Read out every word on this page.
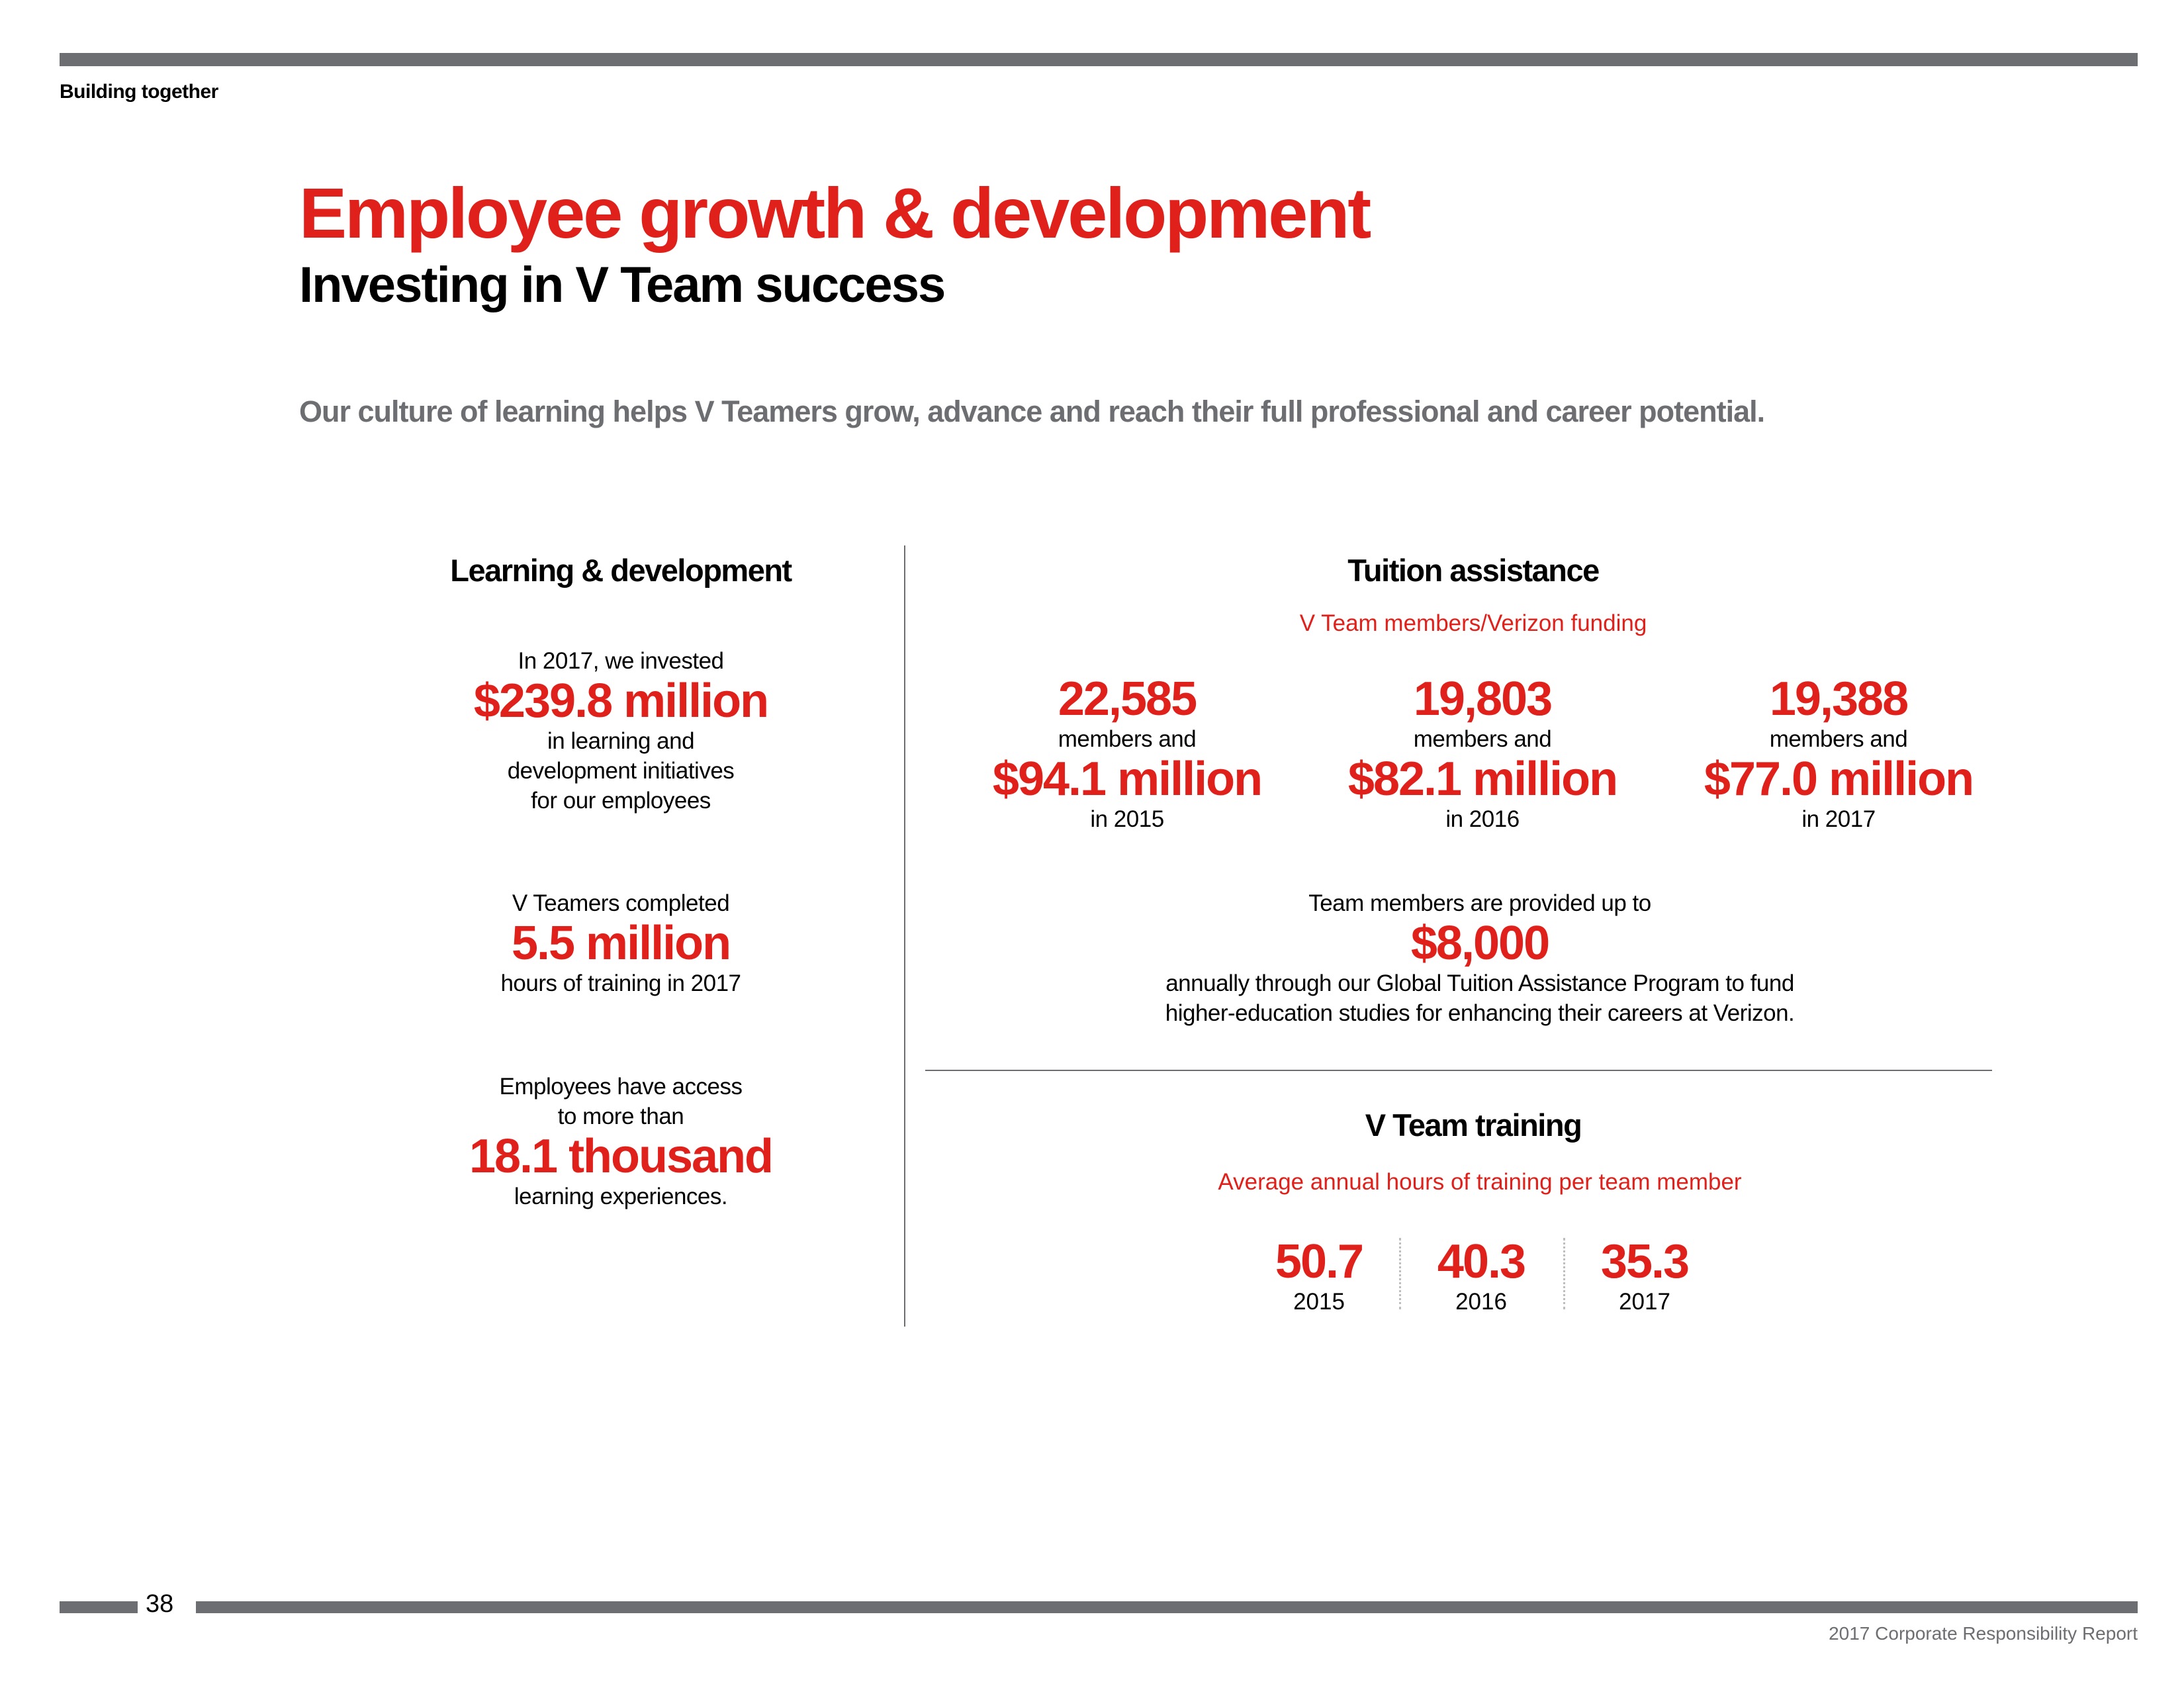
Building together
Employee growth & development
Investing in V Team success
Our culture of learning helps V Teamers grow, advance and reach their full professional and career potential.
Learning & development
In 2017, we invested
$239.8 million
in learning and
development initiatives
for our employees
V Teamers completed
5.5 million
hours of training in 2017
Employees have access
to more than
18.1 thousand
learning experiences.
Tuition assistance
V Team members/Verizon funding
22,585
members and
$94.1 million
in 2015
19,803
members and
$82.1 million
in 2016
19,388
members and
$77.0 million
in 2017
Team members are provided up to
$8,000
annually through our Global Tuition Assistance Program to fund
higher-education studies for enhancing their careers at Verizon.
V Team training
Average annual hours of training per team member
50.7
2015
40.3
2016
35.3
2017
38
2017 Corporate Responsibility Report
